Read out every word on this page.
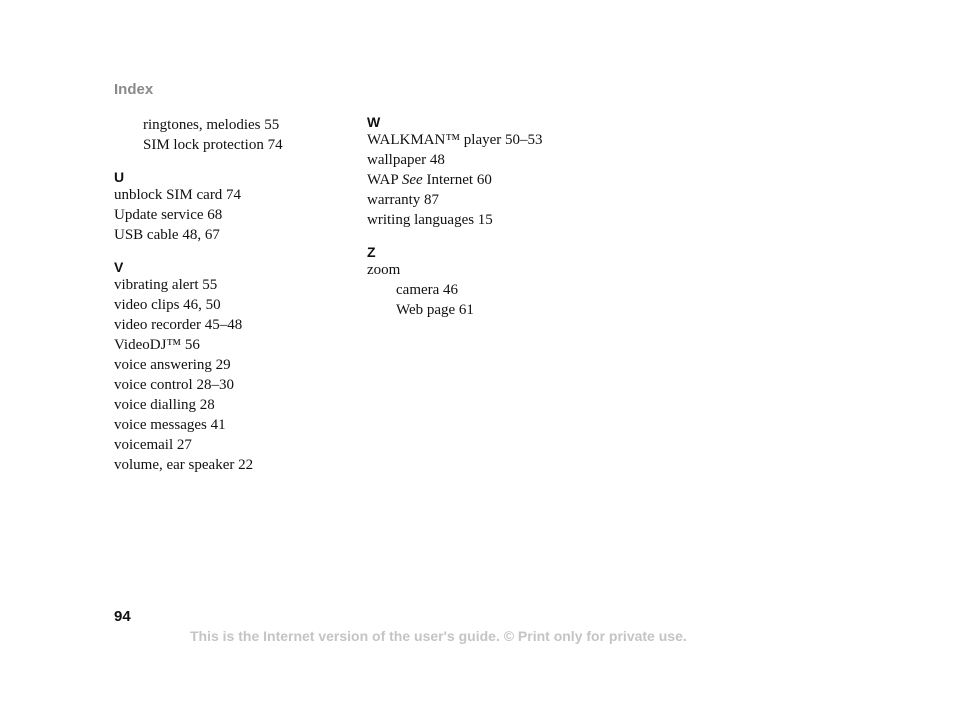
Index
ringtones, melodies 55
SIM lock protection 74
U
unblock SIM card 74
Update service 68
USB cable 48, 67
V
vibrating alert 55
video clips 46, 50
video recorder 45–48
VideoDJ™ 56
voice answering 29
voice control 28–30
voice dialling 28
voice messages 41
voicemail 27
volume, ear speaker 22
W
WALKMAN™ player 50–53
wallpaper 48
WAP See Internet 60
warranty 87
writing languages 15
Z
zoom
camera 46
Web page 61
94
This is the Internet version of the user's guide. © Print only for private use.
